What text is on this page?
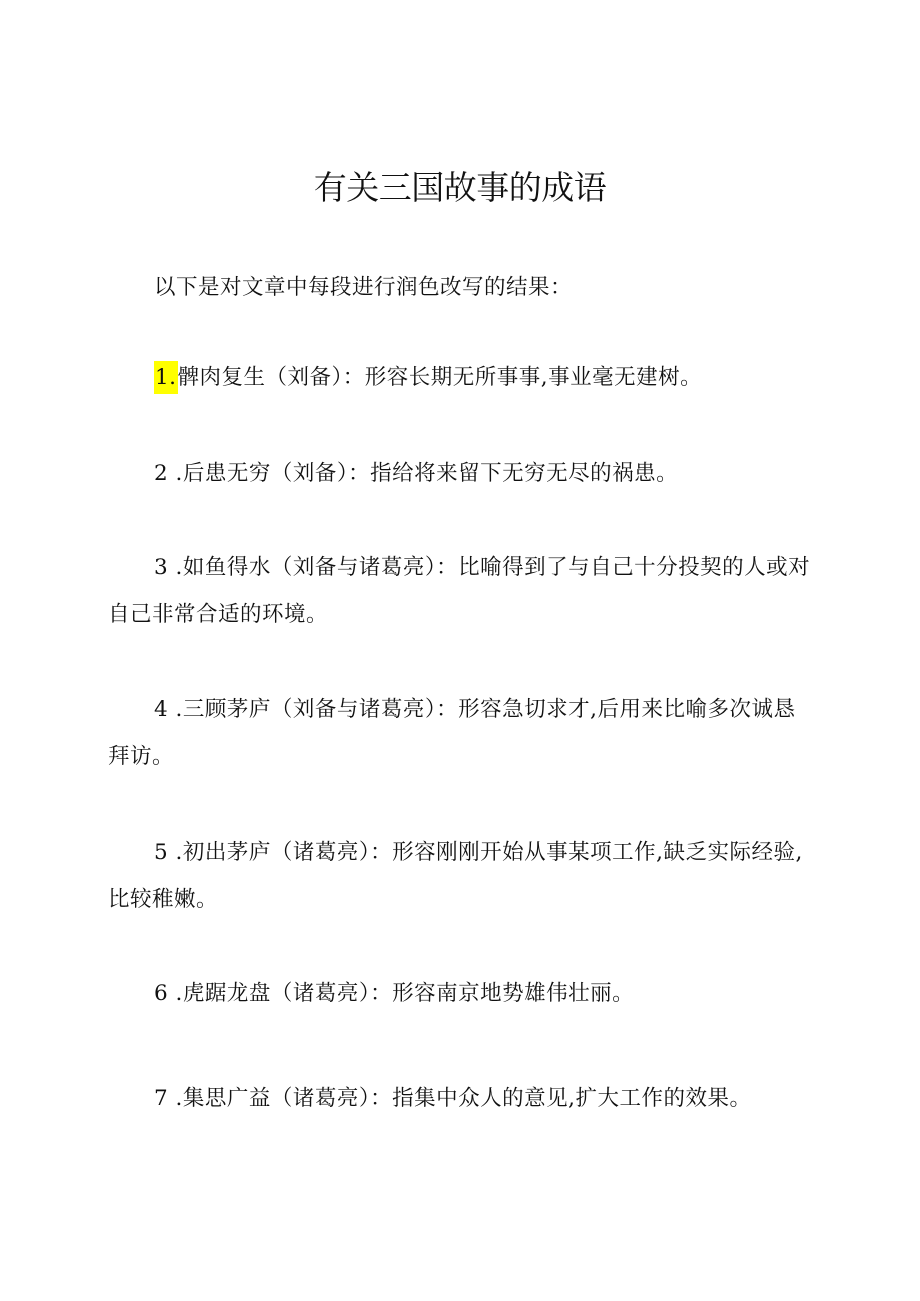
有关三国故事的成语

以下是对文章中每段进行润色改写的结果：

1.髀肉复生（刘备）：形容长期无所事事,事业毫无建树。

2 .后患无穷（刘备）：指给将来留下无穷无尽的祸患。

3 .如鱼得水（刘备与诸葛亮）：比喻得到了与自己十分投契的人或对自己非常合适的环境。

4 .三顾茅庐（刘备与诸葛亮）：形容急切求才,后用来比喻多次诚恳拜访。

5 .初出茅庐（诸葛亮）：形容刚刚开始从事某项工作,缺乏实际经验,比较稚嫩。

6 .虎踞龙盘（诸葛亮）：形容南京地势雄伟壮丽。

7 .集思广益（诸葛亮）：指集中众人的意见,扩大工作的效果。
